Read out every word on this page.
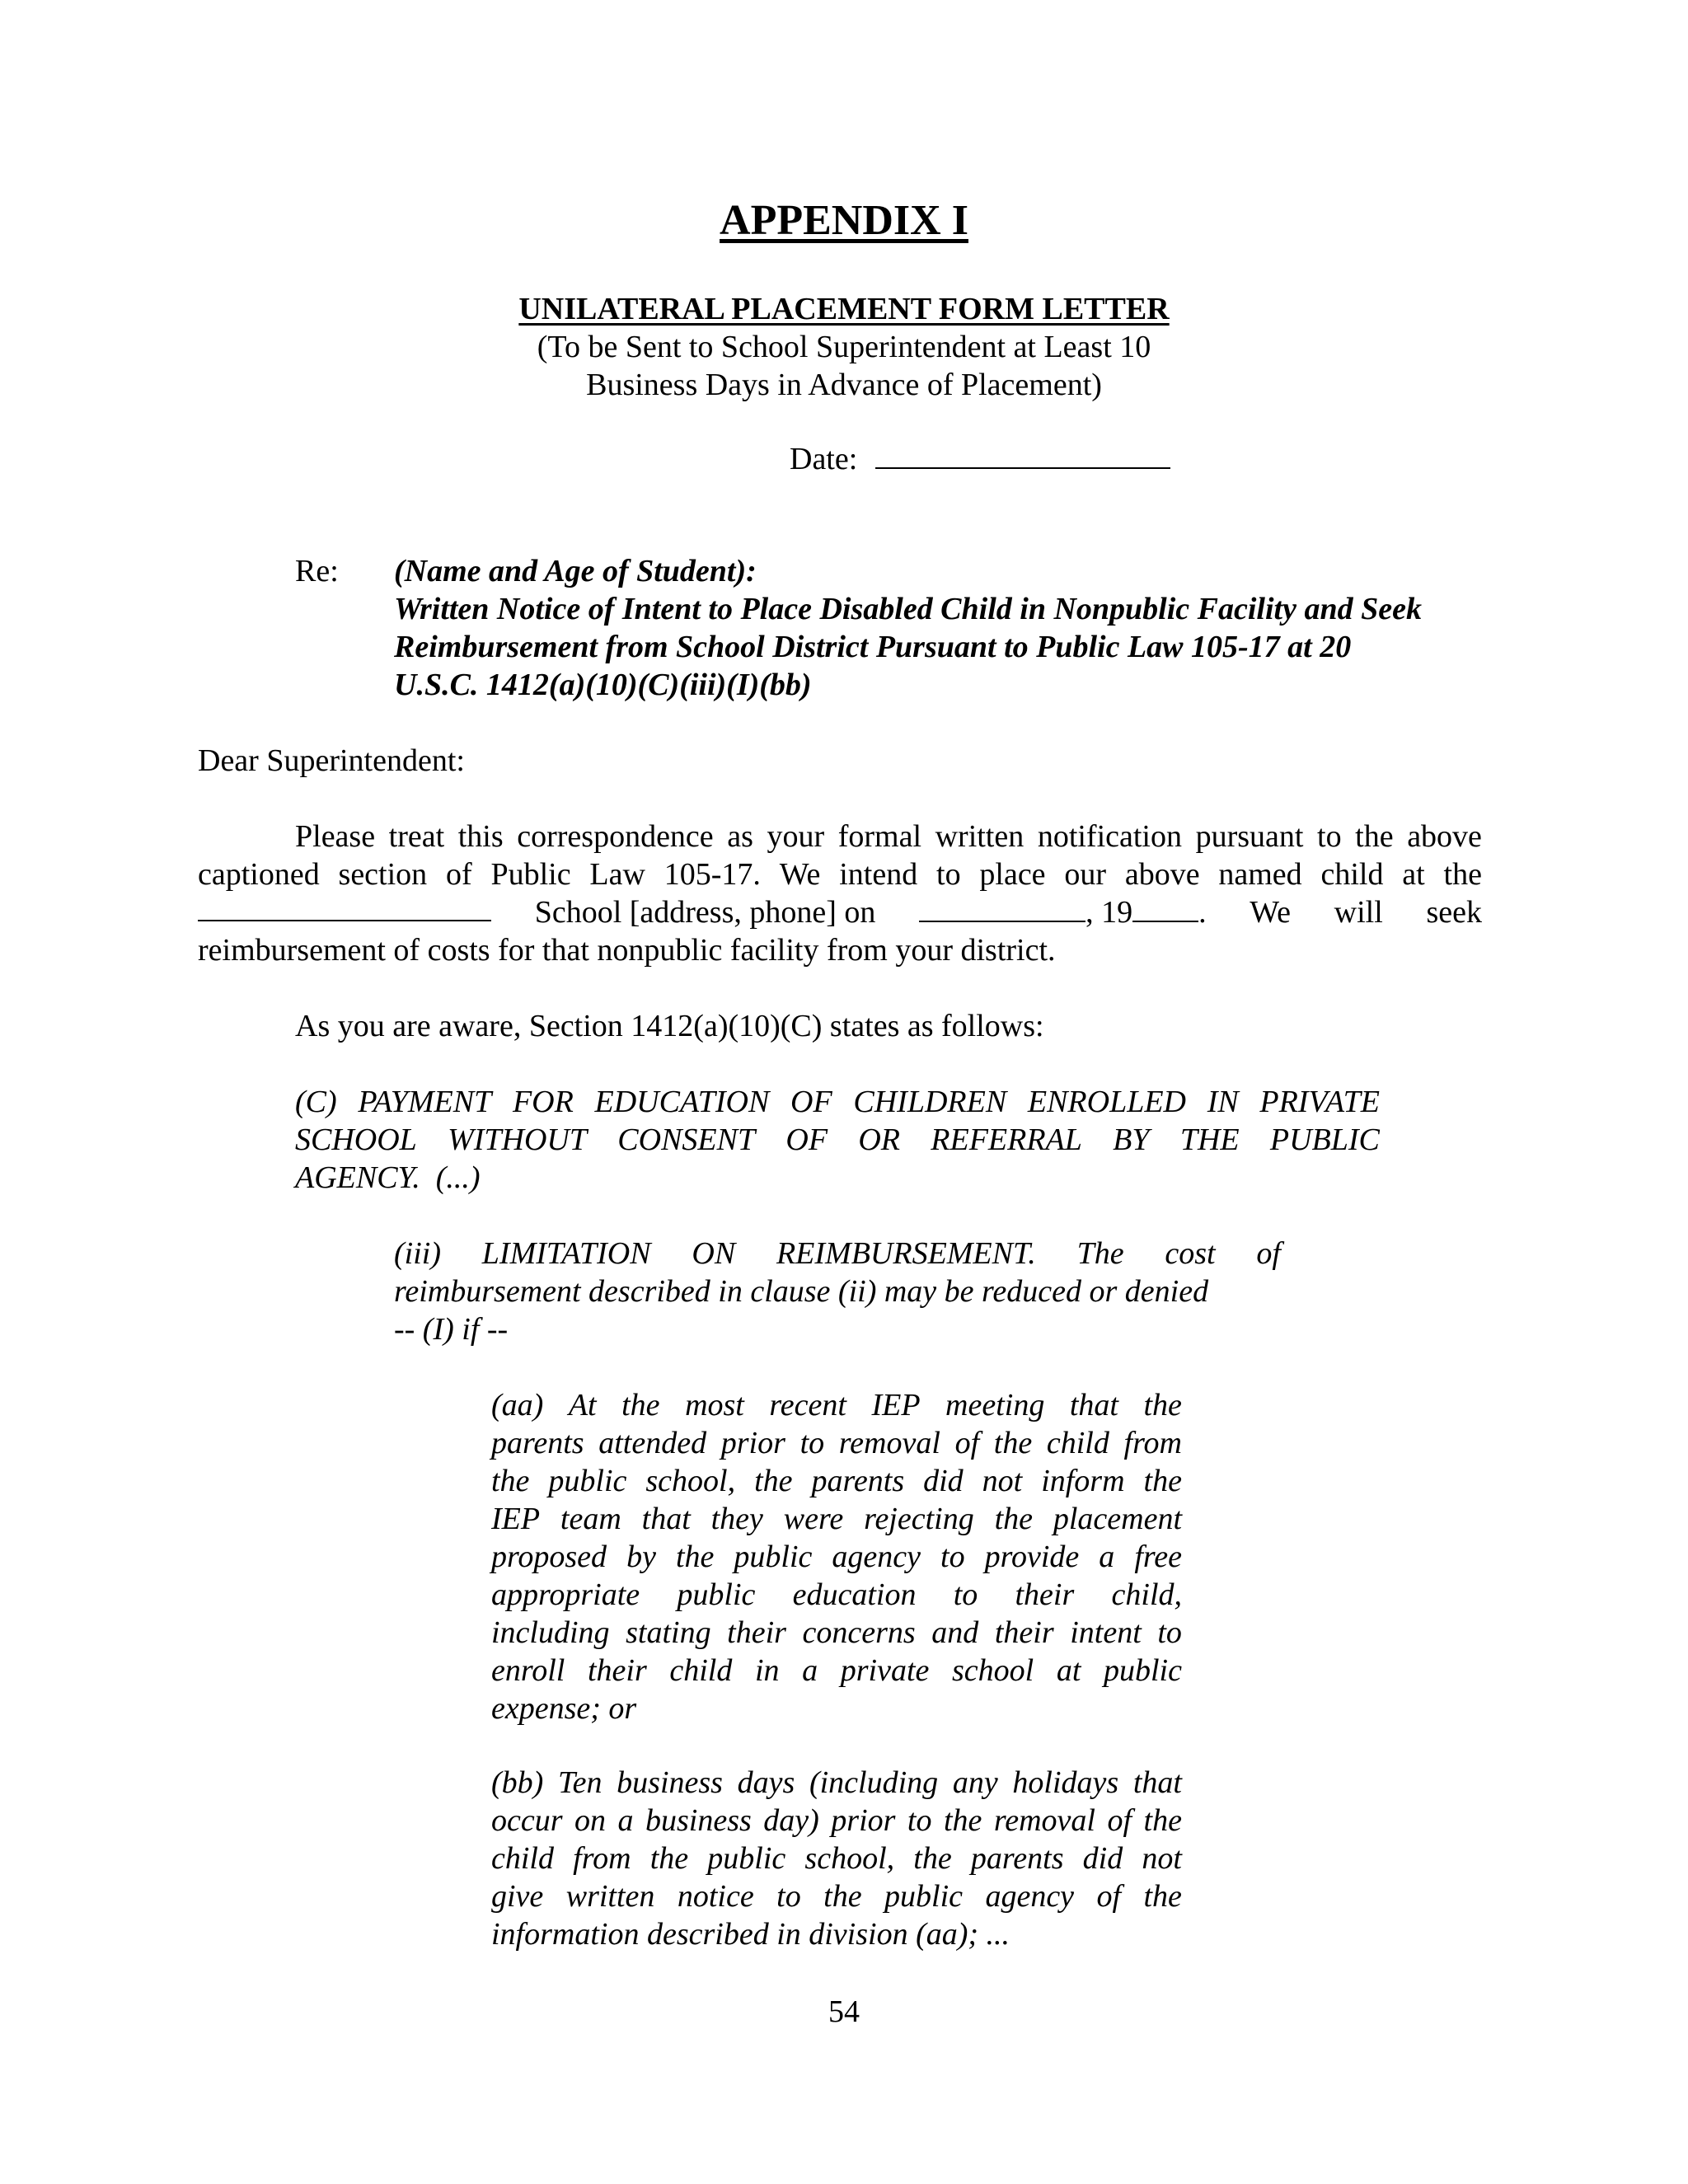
APPENDIX I
UNILATERAL PLACEMENT FORM LETTER
(To be Sent to School Superintendent at Least 10
Business Days in Advance of Placement)
Date:
Re: (Name and Age of Student):
Written Notice of Intent to Place Disabled Child in Nonpublic Facility and Seek
Reimbursement from School District Pursuant to Public Law 105-17 at 20
U.S.C. 1412(a)(10)(C)(iii)(I)(bb)
Dear Superintendent:
Please treat this correspondence as your formal written notification pursuant to the above
captioned section of Public Law 105-17. We intend to place our above named child at the
School [address, phone] on	, 19 . We will seek
reimbursement of costs for that nonpublic facility from your district.
As you are aware, Section 1412(a)(10)(C) states as follows:
(C) PAYMENT FOR EDUCATION OF CHILDREN ENROLLED IN PRIVATE
SCHOOL WITHOUT CONSENT OF OR REFERRAL BY THE PUBLIC
AGENCY.  (...)
(iii) LIMITATION ON REIMBURSEMENT. The cost of
reimbursement described in clause (ii) may be reduced or denied
-- (I) if --
(aa) At the most recent IEP meeting that the
parents attended prior to removal of the child from
the public school, the parents did not inform the
IEP team that they were rejecting the placement
proposed by the public agency to provide a free
appropriate public education to their child,
including stating their concerns and their intent to
enroll their child in a private school at public
expense; or
(bb) Ten business days (including any holidays that
occur on a business day) prior to the removal of the
child from the public school, the parents did not
give written notice to the public agency of the
information described in division (aa); ...
54
